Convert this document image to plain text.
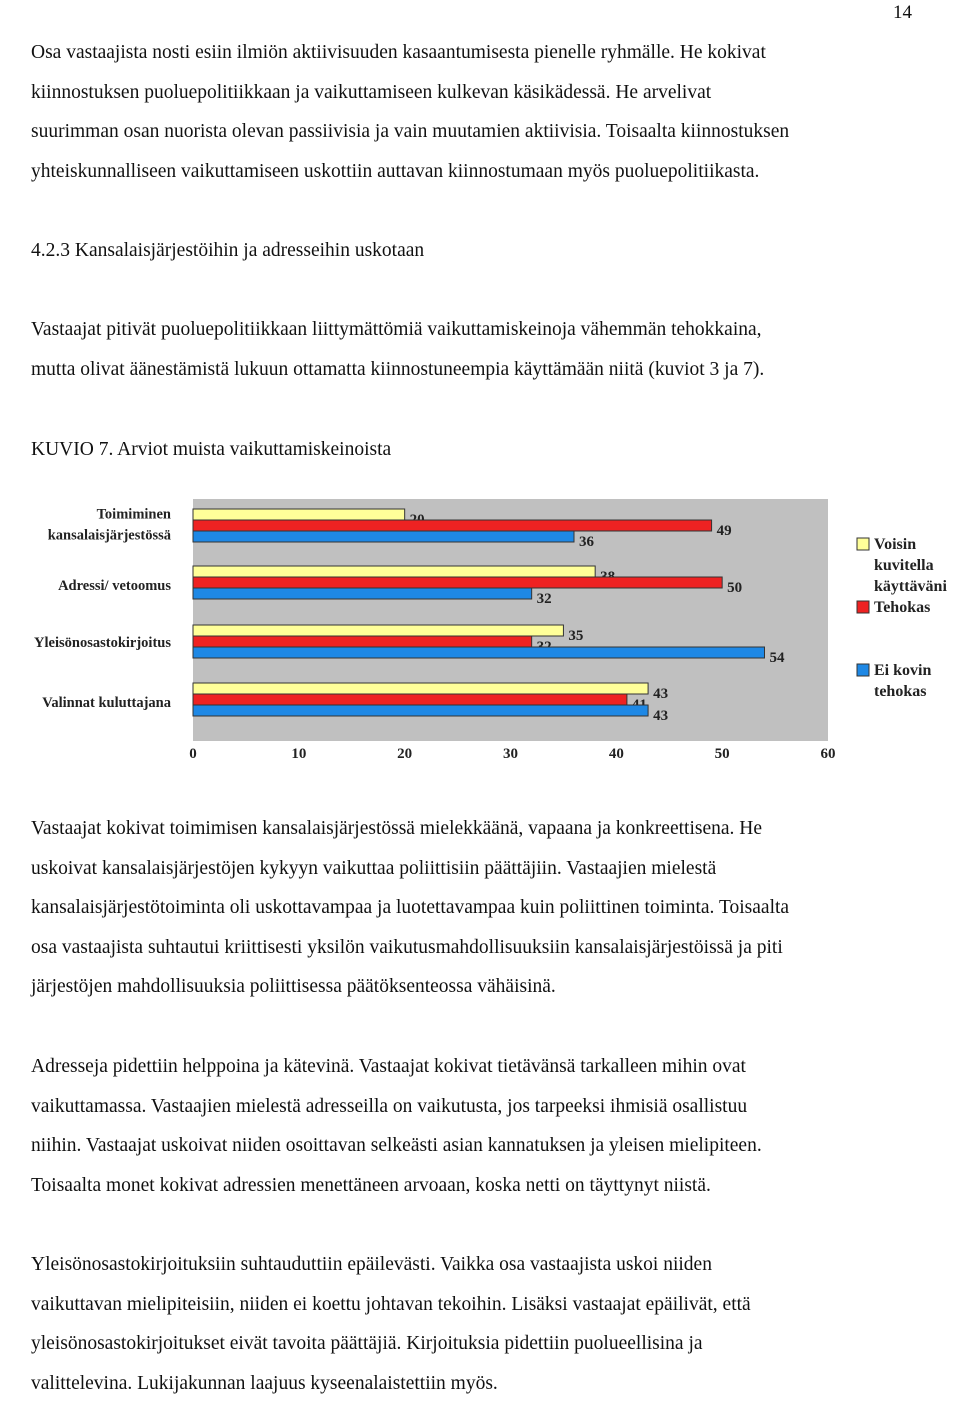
14

Osa vastaajista nosti esiin ilmiön aktiivisuuden kasaantumisesta pienelle ryhmälle. He kokivat
kiinnostuksen puoluepolitiikkaan ja vaikuttamiseen kulkevan käsikädessä. He arvelivat
suurimman osan nuorista olevan passiivisia ja vain muutamien aktiivisia. Toisaalta kiinnostuksen
yhteiskunnalliseen vaikuttamiseen uskottiin auttavan kiinnostumaan myös puoluepolitiikasta.

4.2.3 Kansalaisjärjestöihin ja adresseihin uskotaan

Vastaajat pitivät puoluepolitiikkaan liittymättömiä vaikuttamiskeinoja vähemmän tehokkaina,
mutta olivat äänestämistä lukuun ottamatta kiinnostuneempia käyttämään niitä (kuviot 3 ja 7).

KUVIO 7. Arviot muista vaikuttamiskeinoista

Toimiminen kansalaisjärjestössä
Adressi/ vetoomus
Yleisönosastokirjoitus
Valinnat kuluttajana
35
43
49
50
36
32
54
43
0	10	20	30	40	50	60
Voisin kuvitella käyttäväni
Tehokas
Ei kovin tehokas

Vastaajat kokivat toimimisen kansalaisjärjestössä mielekkäänä, vapaana ja konkreettisena. He
uskoivat kansalaisjärjestöjen kykyyn vaikuttaa poliittisiin päättäjiin. Vastaajien mielestä
kansalaisjärjestötoiminta oli uskottavampaa ja luotettavampaa kuin poliittinen toiminta. Toisaalta
osa vastaajista suhtautui kriittisesti yksilön vaikutusmahdollisuuksiin kansalaisjärjestöissä ja piti
järjestöjen mahdollisuuksia poliittisessa päätöksenteossa vähäisinä.

Adresseja pidettiin helppoina ja kätevinä. Vastaajat kokivat tietävänsä tarkalleen mihin ovat
vaikuttamassa. Vastaajien mielestä adresseilla on vaikutusta, jos tarpeeksi ihmisiä osallistuu
niihin. Vastaajat uskoivat niiden osoittavan selkeästi asian kannatuksen ja yleisen mielipiteen.
Toisaalta monet kokivat adressien menettäneen arvoaan, koska netti on täyttynyt niistä.

Yleisönosastokirjoituksiin suhtauduttiin epäilevästi. Vaikka osa vastaajista uskoi niiden
vaikuttavan mielipiteisiin, niiden ei koettu johtavan tekoihin. Lisäksi vastaajat epäilivät, että
yleisönosastokirjoitukset eivät tavoita päättäjiä. Kirjoituksia pidettiin puolueellisina ja
valittelevina. Lukijakunnan laajuus kyseenalaistettiin myös.
